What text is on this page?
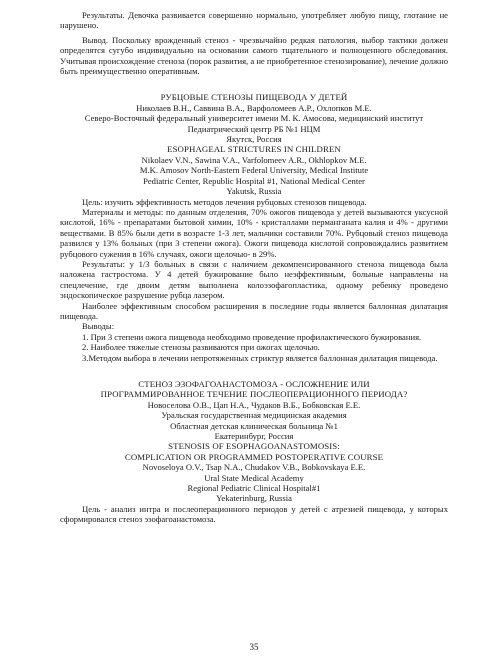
Результаты. Девочка развивается совершенно нормально, употребляет любую пищу, глотание не нарушено.

Вывод. Поскольку врожденный стеноз - чрезвычайно редкая патология, выбор тактики должен определятся сугубо индивидуально на основании самого тщательного и полноценного обследования. Учитывая происхождение стеноза (порок развития, а не приобретенное стенозирование), лечение должно быть преимущественно оперативным.

РУБЦОВЫЕ СТЕНОЗЫ ПИЩЕВОДА У ДЕТЕЙ

Николаев В.Н., Саввина В.А., Варфоломеев А.Р., Охлопков М.Е.

Северо-Восточный федеральный университет имени М. К. Амосова, медицинский институт

Педиатрический центр РБ №1 НЦМ

Якутск, Россия

ESOPHAGEAL STRICTURES IN CHILDREN

Nikolaev V.N., Sawina V.A., Varfolomeev A.R., Okhlopkov M.E.

M.K. Amosov North-Eastern Federal University, Medical Institute

Pediatric Center, Republic Hospital #1, National Medical Center

Yakutsk, Russia

Цель: изучить эффективность методов лечения рубцовых стенозов пищевода.

Материалы и методы: по данным отделения, 70% ожогов пищевода у детей вызываются уксусной кислотой, 16% - препаратами бытовой химии, 10% - кристаллами перманганата калия и 4% - другими веществами. В 85% были дети в возрасте 1-3 лет, мальчики составили 70%. Рубцовый стеноз пищевода развился у 13% больных (при 3 степени ожога). Ожоги пищевода кислотой сопровождались развитием рубцового сужения в 16% случаях, ожоги щелочью- в 29%.

Результаты: у 1/3 больных в связи с наличием декомпенсированного стеноза пищевода была наложена гастростома. У 4 детей бужирование было неэффективным, больные направлены на спецлечение, где двоим детям выполнена колоэзофагопластика, одному ребенку проведено эндоскопическое разрушение рубца лазером.

Наиболее эффективным способом расширения в последние годы является баллонная дилатация пищевода.

Выводы:

1. При 3 степени ожога пищевода необходимо проведение профилактического бужирования.

2. Наиболее тяжелые стенозы развиваются при ожогах щелочью.

3.Методом выбора в лечении непротяженных стриктур является баллонная дилатация пищевода.

СТЕНОЗ ЭЗОФАГОАНАСТОМОЗА - ОСЛОЖНЕНИЕ ИЛИ

ПРОГРАММИРОВАННОЕ ТЕЧЕНИЕ ПОСЛЕОПЕРАЦИОННОГО ПЕРИОДА?

Новоселова О.В., Цап Н.А., Чудаков В.Б., Бобковская Е.Е.

Уральская государственная медицинская академия

Областная детская клиническая больница №1

Екатеринбург, Россия

STENOSIS OF ESOPHAGOANASTOMOSIS:

COMPLICATION OR PROGRAMMED POSTOPERATIVE COURSE

Novoseloya O.V., Tsap N.A., Chudakov V.B., Bobkovskaya E.E.

Ural State Medical Academy

Regional Pediatric Clinical Hospital#1

Yekaterinburg, Russia

Цель - анализ интра и послеоперационного периодов у детей с атрезией пищевода, у которых сформировался стеноз эзофагоанастомоза.

35
